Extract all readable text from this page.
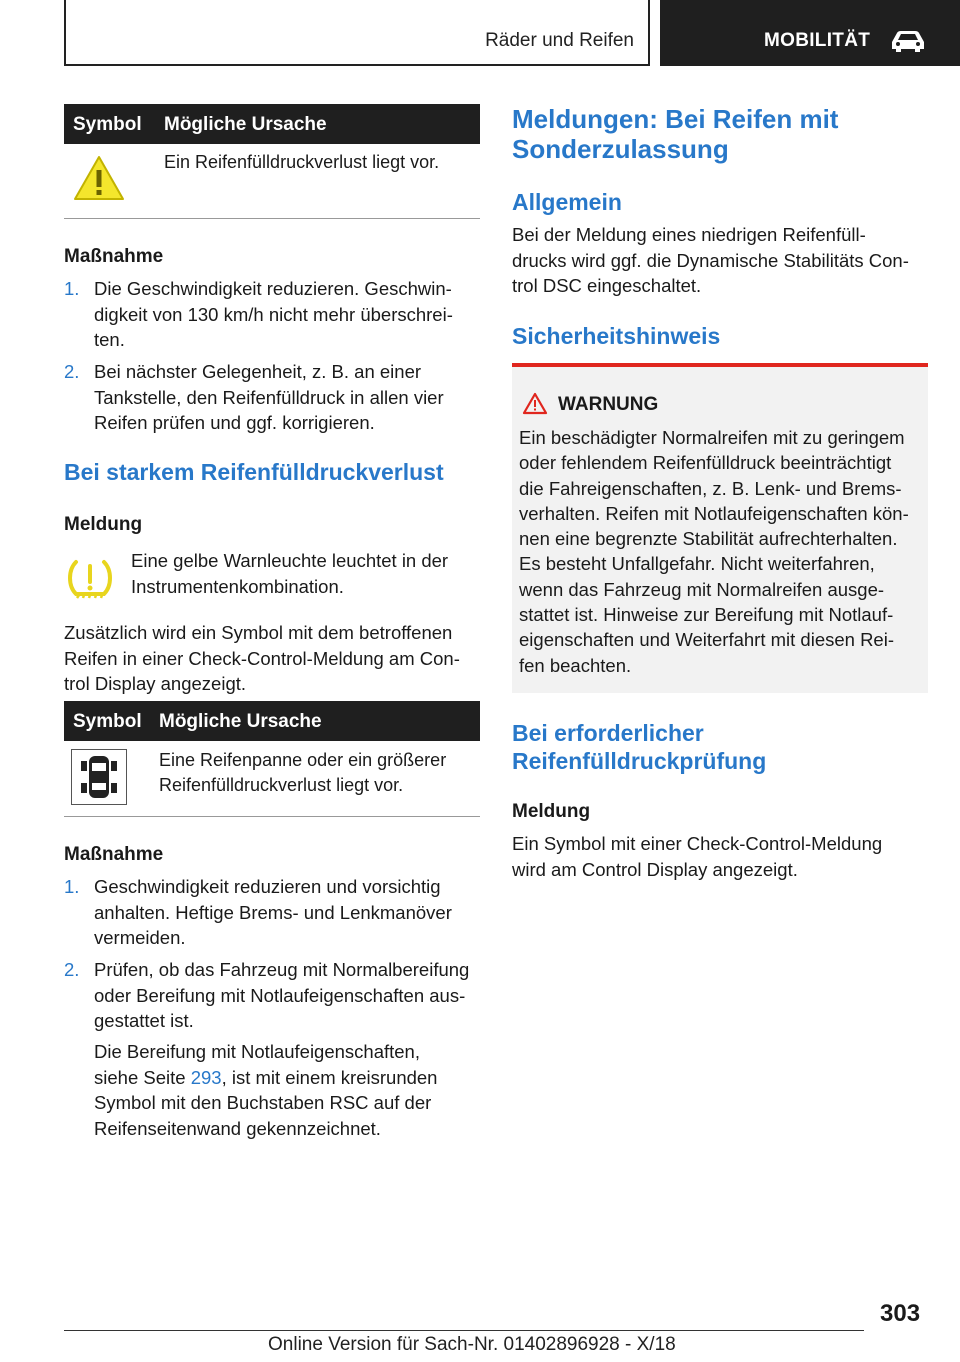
Räder und Reifen	MOBILITÄT
Symbol Mögliche Ursache
Ein Reifenfülldruckverlust liegt vor.
Maßnahme
1. Die Geschwindigkeit reduzieren. Geschwin-
digkeit von 130 km/h nicht mehr überschrei-
ten.
2. Bei nächster Gelegenheit, z. B. an einer
Tankstelle, den Reifenfülldruck in allen vier
Reifen prüfen und ggf. korrigieren.
Bei starkem Reifenfülldruckverlust
Meldung
Eine gelbe Warnleuchte leuchtet in der
Instrumentenkombination.
Zusätzlich wird ein Symbol mit dem betroffenen
Reifen in einer Check-Control-Meldung am Con-
trol Display angezeigt.
Symbol Mögliche Ursache
Eine Reifenpanne oder ein größerer
Reifenfülldruckverlust liegt vor.
Maßnahme
1. Geschwindigkeit reduzieren und vorsichtig
anhalten. Heftige Brems- und Lenkmanöver
vermeiden.
2. Prüfen, ob das Fahrzeug mit Normalbereifung
oder Bereifung mit Notlaufeigenschaften aus-
gestattet ist.
Die Bereifung mit Notlaufeigenschaften,
siehe Seite 293, ist mit einem kreisrunden
Symbol mit den Buchstaben RSC auf der
Reifenseitenwand gekennzeichnet.
Meldungen: Bei Reifen mit
Sonderzulassung
Allgemein
Bei der Meldung eines niedrigen Reifenfüll-
drucks wird ggf. die Dynamische Stabilitäts Con-
trol DSC eingeschaltet.
Sicherheitshinweis
WARNUNG
Ein beschädigter Normalreifen mit zu geringem
oder fehlendem Reifenfülldruck beeinträchtigt
die Fahreigenschaften, z. B. Lenk- und Brems-
verhalten. Reifen mit Notlaufeigenschaften kön-
nen eine begrenzte Stabilität aufrechterhalten.
Es besteht Unfallgefahr. Nicht weiterfahren,
wenn das Fahrzeug mit Normalreifen ausge-
stattet ist. Hinweise zur Bereifung mit Notlauf-
eigenschaften und Weiterfahrt mit diesen Rei-
fen beachten.
Bei erforderlicher
Reifenfülldruckprüfung
Meldung
Ein Symbol mit einer Check-Control-Meldung
wird am Control Display angezeigt.
303
Online Version für Sach-Nr. 01402896928 - X/18
